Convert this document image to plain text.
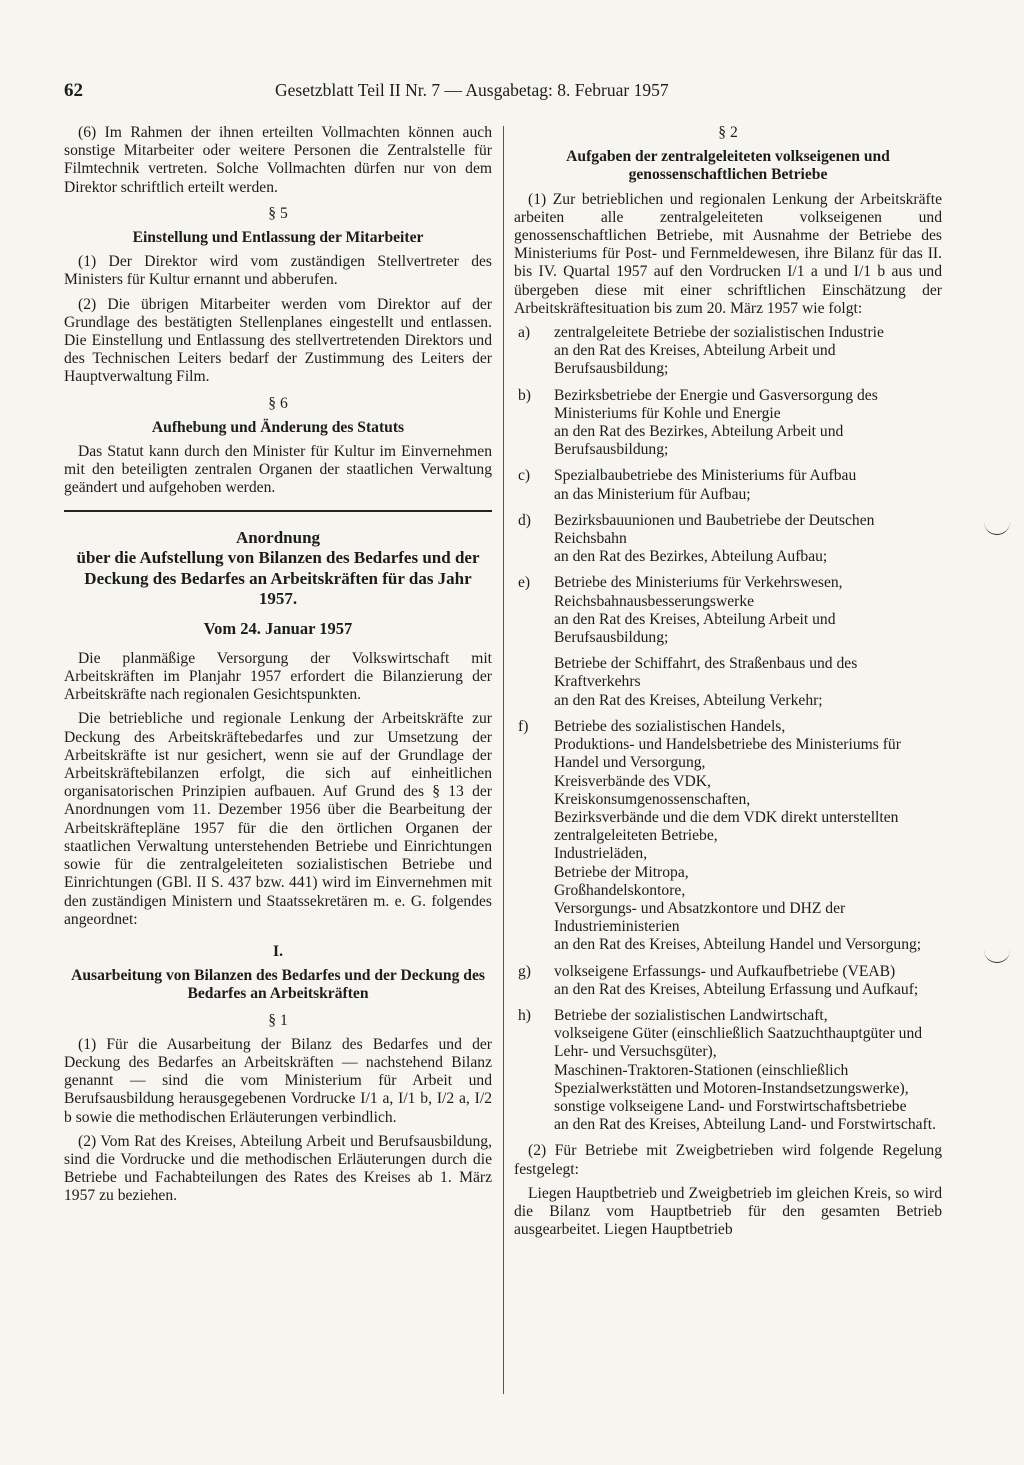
62	Gesetzblatt Teil II Nr. 7 — Ausgabetag: 8. Februar 1957

(6) Im Rahmen der ihnen erteilten Vollmachten können auch sonstige Mitarbeiter oder weitere Personen die Zentralstelle für Filmtechnik vertreten. Solche Vollmachten dürfen nur von dem Direktor schriftlich erteilt werden.

§ 5
Einstellung und Entlassung der Mitarbeiter

(1) Der Direktor wird vom zuständigen Stellvertreter des Ministers für Kultur ernannt und abberufen.

(2) Die übrigen Mitarbeiter werden vom Direktor auf der Grundlage des bestätigten Stellenplanes eingestellt und entlassen. Die Einstellung und Entlassung des stellvertretenden Direktors und des Technischen Leiters bedarf der Zustimmung des Leiters der Hauptverwaltung Film.

§ 6
Aufhebung und Änderung des Statuts

Das Statut kann durch den Minister für Kultur im Einvernehmen mit den beteiligten zentralen Organen der staatlichen Verwaltung geändert und aufgehoben werden.

Anordnung
über die Aufstellung von Bilanzen des Bedarfes und der Deckung des Bedarfes an Arbeitskräften für das Jahr 1957.
Vom 24. Januar 1957

Die planmäßige Versorgung der Volkswirtschaft mit Arbeitskräften im Planjahr 1957 erfordert die Bilanzierung der Arbeitskräfte nach regionalen Gesichtspunkten.

Die betriebliche und regionale Lenkung der Arbeitskräfte zur Deckung des Arbeitskräftebedarfes und zur Umsetzung der Arbeitskräfte ist nur gesichert, wenn sie auf der Grundlage der Arbeitskräftebilanzen erfolgt, die sich auf einheitlichen organisatorischen Prinzipien aufbauen. Auf Grund des § 13 der Anordnungen vom 11. Dezember 1956 über die Bearbeitung der Arbeitskräftepläne 1957 für die den örtlichen Organen der staatlichen Verwaltung unterstehenden Betriebe und Einrichtungen sowie für die zentralgeleiteten sozialistischen Betriebe und Einrichtungen (GBl. II S. 437 bzw. 441) wird im Einvernehmen mit den zuständigen Ministern und Staatssekretären m. e. G. folgendes angeordnet:

I.
Ausarbeitung von Bilanzen des Bedarfes und der Deckung des Bedarfes an Arbeitskräften
§ 1

(1) Für die Ausarbeitung der Bilanz des Bedarfes und der Deckung des Bedarfes an Arbeitskräften — nachstehend Bilanz genannt — sind die vom Ministerium für Arbeit und Berufsausbildung herausgegebenen Vordrucke I/1 a, I/1 b, I/2 a, I/2 b sowie die methodischen Erläuterungen verbindlich.

(2) Vom Rat des Kreises, Abteilung Arbeit und Berufsausbildung, sind die Vordrucke und die methodischen Erläuterungen durch die Betriebe und Fachabteilungen des Rates des Kreises ab 1. März 1957 zu beziehen.

§ 2
Aufgaben der zentralgeleiteten volkseigenen und genossenschaftlichen Betriebe

(1) Zur betrieblichen und regionalen Lenkung der Arbeitskräfte arbeiten alle zentralgeleiteten volkseigenen und genossenschaftlichen Betriebe, mit Ausnahme der Betriebe des Ministeriums für Post- und Fernmeldewesen, ihre Bilanz für das II. bis IV. Quartal 1957 auf den Vordrucken I/1 a und I/1 b aus und übergeben diese mit einer schriftlichen Einschätzung der Arbeitskräftesituation bis zum 20. März 1957 wie folgt:

a)	zentralgeleitete Betriebe der sozialistischen Industrie
an den Rat des Kreises, Abteilung Arbeit und Berufsausbildung;
b)	Bezirksbetriebe der Energie und Gasversorgung des Ministeriums für Kohle und Energie
an den Rat des Bezirkes, Abteilung Arbeit und Berufsausbildung;
c)	Spezialbaubetriebe des Ministeriums für Aufbau
an das Ministerium für Aufbau;
d)	Bezirksbauunionen und Baubetriebe der Deutschen Reichsbahn
an den Rat des Bezirkes, Abteilung Aufbau;
e)	Betriebe des Ministeriums für Verkehrswesen,
Reichsbahnausbesserungswerke
an den Rat des Kreises, Abteilung Arbeit und Berufsausbildung;
Betriebe der Schiffahrt, des Straßenbaus und des Kraftverkehrs
an den Rat des Kreises, Abteilung Verkehr;
f)	Betriebe des sozialistischen Handels,
Produktions- und Handelsbetriebe des Ministeriums für Handel und Versorgung,
Kreisverbände des VDK,
Kreiskonsumgenossenschaften,
Bezirksverbände und die dem VDK direkt unterstellten zentralgeleiteten Betriebe,
Industrieläden,
Betriebe der Mitropa,
Großhandelskontore,
Versorgungs- und Absatzkontore und DHZ der Industrieministerien
an den Rat des Kreises, Abteilung Handel und Versorgung;
g)	volkseigene Erfassungs- und Aufkaufbetriebe (VEAB)
an den Rat des Kreises, Abteilung Erfassung und Aufkauf;
h)	Betriebe der sozialistischen Landwirtschaft,
volkseigene Güter (einschließlich Saatzuchthauptgüter und Lehr- und Versuchsgüter),
Maschinen-Traktoren-Stationen (einschließlich Spezialwerkstätten und Motoren-Instandsetzungswerke),
sonstige volkseigene Land- und Forstwirtschaftsbetriebe
an den Rat des Kreises, Abteilung Land- und Forstwirtschaft.

(2) Für Betriebe mit Zweigbetrieben wird folgende Regelung festgelegt:

Liegen Hauptbetrieb und Zweigbetrieb im gleichen Kreis, so wird die Bilanz vom Hauptbetrieb für den gesamten Betrieb ausgearbeitet. Liegen Hauptbetrieb
